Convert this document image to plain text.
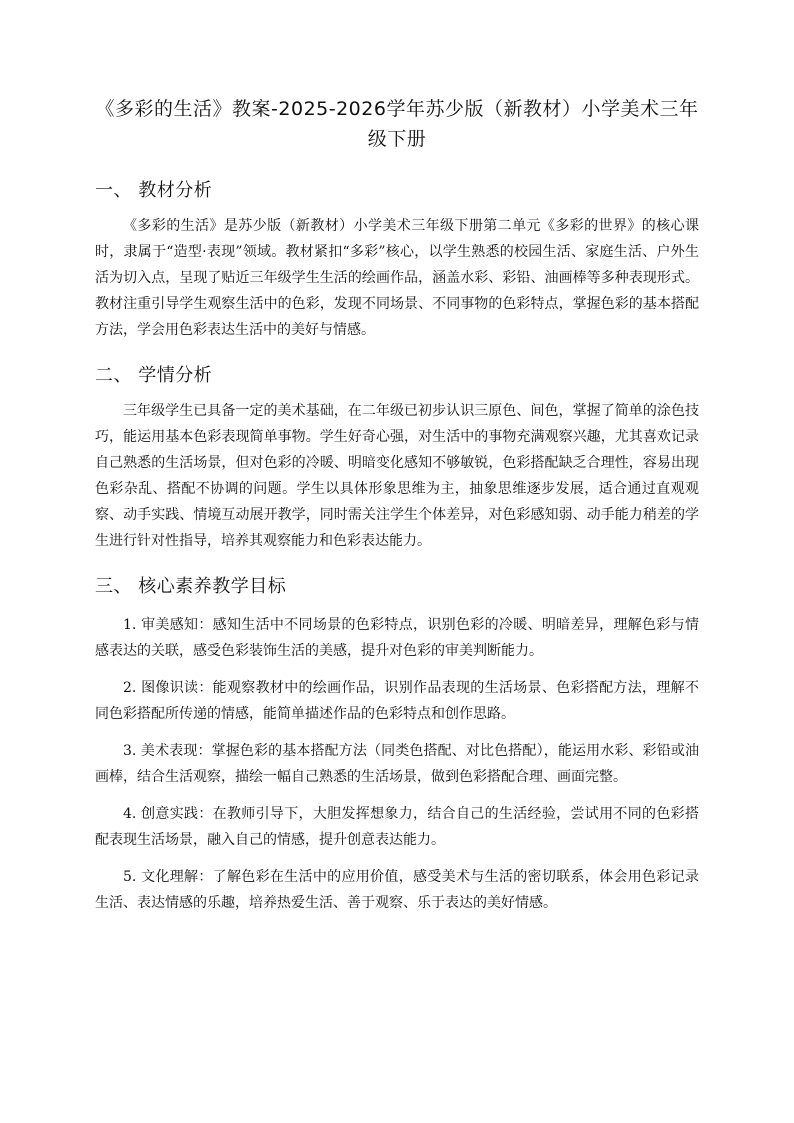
《多彩的生活》教案-2025-2026学年苏少版（新教材）小学美术三年级下册
一、 教材分析

《多彩的生活》是苏少版（新教材）小学美术三年级下册第二单元《多彩的世界》的核心课时，隶属于“造型·表现”领域。教材紧扣“多彩”核心，以学生熟悉的校园生活、家庭生活、户外生活为切入点，呈现了贴近三年级学生生活的绘画作品，涵盖水彩、彩铅、油画棒等多种表现形式。教材注重引导学生观察生活中的色彩，发现不同场景、不同事物的色彩特点，掌握色彩的基本搭配方法，学会用色彩表达生活中的美好与情感。

二、 学情分析

三年级学生已具备一定的美术基础，在二年级已初步认识三原色、间色，掌握了简单的涂色技巧，能运用基本色彩表现简单事物。学生好奇心强，对生活中的事物充满观察兴趣，尤其喜欢记录自己熟悉的生活场景，但对色彩的冷暖、明暗变化感知不够敏锐，色彩搭配缺乏合理性，容易出现色彩杂乱、搭配不协调的问题。学生以具体形象思维为主，抽象思维逐步发展，适合通过直观观察、动手实践、情境互动展开教学，同时需关注学生个体差异，对色彩感知弱、动手能力稍差的学生进行针对性指导，培养其观察能力和色彩表达能力。

三、 核心素养教学目标

1. 审美感知：感知生活中不同场景的色彩特点，识别色彩的冷暖、明暗差异，理解色彩与情感表达的关联，感受色彩装饰生活的美感，提升对色彩的审美判断能力。

2. 图像识读：能观察教材中的绘画作品，识别作品表现的生活场景、色彩搭配方法，理解不同色彩搭配所传递的情感，能简单描述作品的色彩特点和创作思路。

3. 美术表现：掌握色彩的基本搭配方法（同类色搭配、对比色搭配），能运用水彩、彩铅或油画棒，结合生活观察，描绘一幅自己熟悉的生活场景，做到色彩搭配合理、画面完整。

4. 创意实践：在教师引导下，大胆发挥想象力，结合自己的生活经验，尝试用不同的色彩搭配表现生活场景，融入自己的情感，提升创意表达能力。

5. 文化理解：了解色彩在生活中的应用价值，感受美术与生活的密切联系，体会用色彩记录生活、表达情感的乐趣，培养热爱生活、善于观察、乐于表达的美好情感。
